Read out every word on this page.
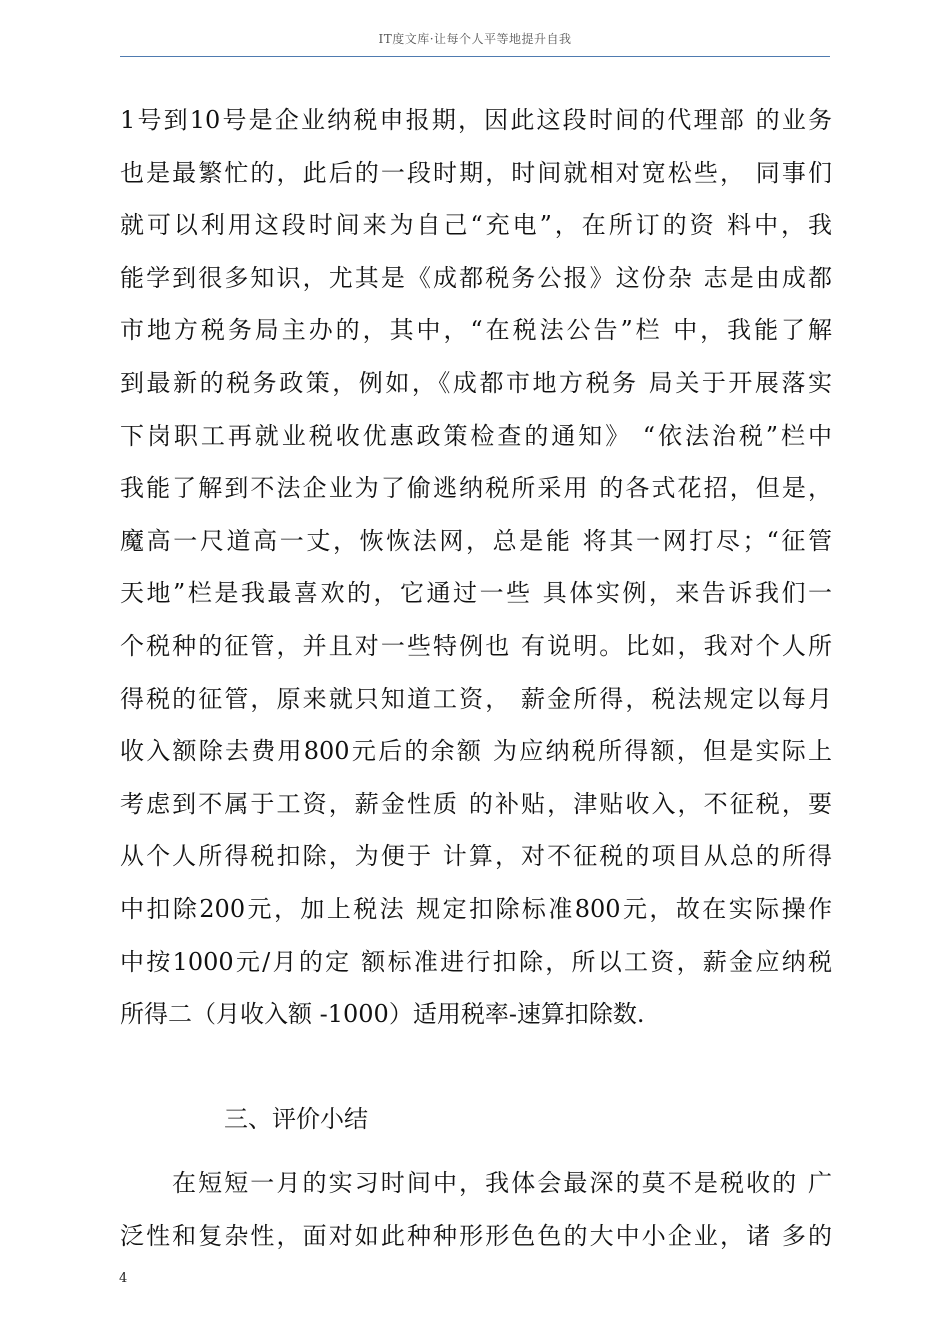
IT度文库·让每个人平等地提升自我
1号到10号是企业纳税申报期，因此这段时间的代理部 的业务
也是最繁忙的，此后的一段时期，时间就相对宽松些， 同事们
就可以利用这段时间来为自己“充电”，在所订的资 料中，我
能学到很多知识，尤其是《成都税务公报》这份杂 志是由成都
市地方税务局主办的，其中，“在税法公告”栏 中，我能了解
到最新的税务政策，例如，《成都市地方税务 局关于开展落实
下岗职工再就业税收优惠政策检查的通知》 “依法治税”栏中
我能了解到不法企业为了偷逃纳税所采用 的各式花招，但是，
魔高一尺道高一丈，恢恢法网，总是能 将其一网打尽；“征管
天地”栏是我最喜欢的，它通过一些 具体实例，来告诉我们一
个税种的征管，并且对一些特例也 有说明。比如，我对个人所
得税的征管，原来就只知道工资， 薪金所得，税法规定以每月
收入额除去费用800元后的余额 为应纳税所得额，但是实际上
考虑到不属于工资，薪金性质 的补贴，津贴收入，不征税，要
从个人所得税扣除，为便于 计算，对不征税的项目从总的所得
中扣除200元，加上税法 规定扣除标准800元，故在实际操作
中按1000元/月的定 额标准进行扣除，所以工资，薪金应纳税
所得二（月收入额 -1000）适用税率-速算扣除数.
三、评价小结
在短短一月的实习时间中，我体会最深的莫不是税收的 广
泛性和复杂性，面对如此种种形形色色的大中小企业，诸 多的
4
